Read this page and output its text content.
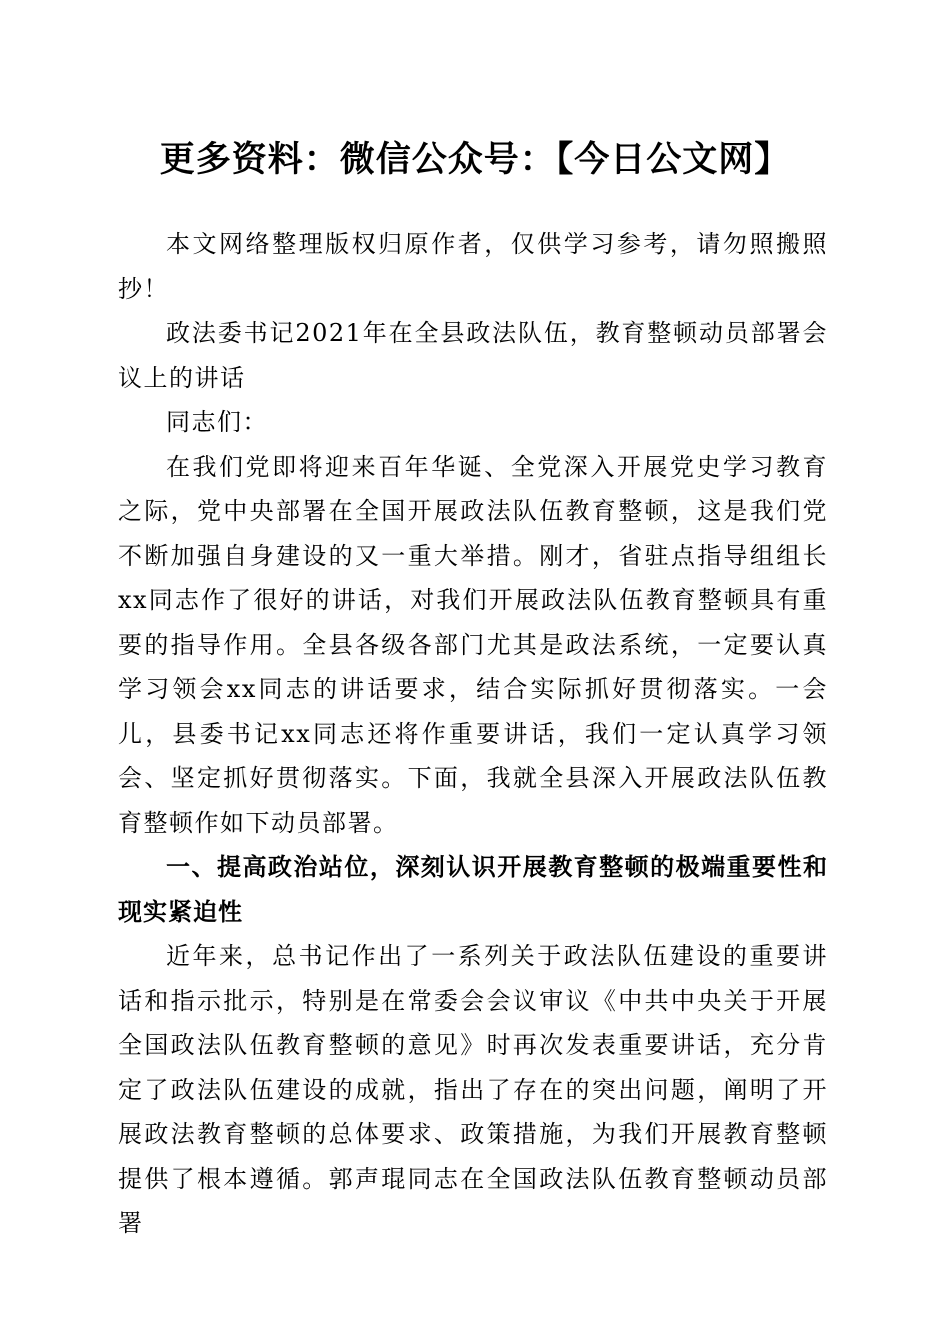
更多资料：微信公众号：【今日公文网】

本文网络整理版权归原作者，仅供学习参考，请勿照搬照抄！

政法委书记2021年在全县政法队伍，教育整顿动员部署会议上的讲话

同志们：

在我们党即将迎来百年华诞、全党深入开展党史学习教育之际，党中央部署在全国开展政法队伍教育整顿，这是我们党不断加强自身建设的又一重大举措。刚才，省驻点指导组组长xx同志作了很好的讲话，对我们开展政法队伍教育整顿具有重要的指导作用。全县各级各部门尤其是政法系统，一定要认真学习领会xx同志的讲话要求，结合实际抓好贯彻落实。一会儿，县委书记xx同志还将作重要讲话，我们一定认真学习领会、坚定抓好贯彻落实。下面，我就全县深入开展政法队伍教育整顿作如下动员部署。

一、提高政治站位，深刻认识开展教育整顿的极端重要性和现实紧迫性

近年来，总书记作出了一系列关于政法队伍建设的重要讲话和指示批示，特别是在常委会会议审议《中共中央关于开展全国政法队伍教育整顿的意见》时再次发表重要讲话，充分肯定了政法队伍建设的成就，指出了存在的突出问题，阐明了开展政法教育整顿的总体要求、政策措施，为我们开展教育整顿提供了根本遵循。郭声琨同志在全国政法队伍教育整顿动员部署
